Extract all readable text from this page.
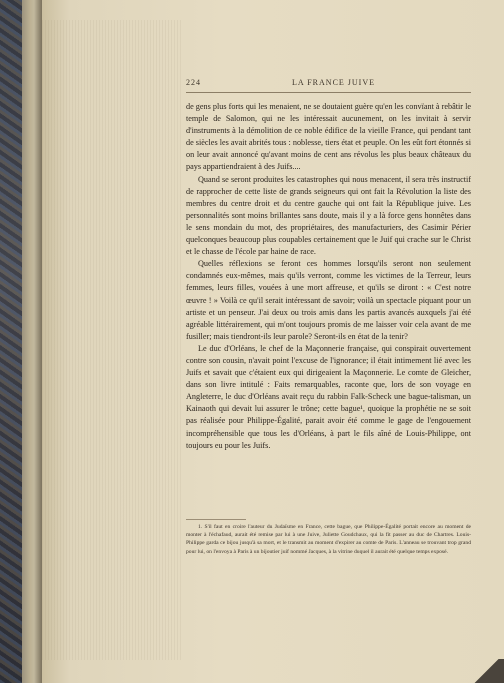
224	LA FRANCE JUIVE

de gens plus forts qui les menaient, ne se doutaient guère qu'en les convïant à rebâtir le temple de Salomon, qui ne les intéressait aucunement, on les invitait à servir d'instruments à la démolition de ce noble édifice de la vieille France, qui pendant tant de siècles les avait abrités tous : noblesse, tiers état et peuple. On les eût fort étonnés si on leur avait annoncé qu'avant moins de cent ans révolus les plus beaux châteaux du pays appartiendraient à des Juifs....

Quand se seront produites les catastrophes qui nous menacent, il sera très instructif de rapprocher de cette liste de grands seigneurs qui ont fait la Révolution la liste des membres du centre droit et du centre gauche qui ont fait la République juive. Les personnalités sont moins brillantes sans doute, mais il y a là force gens honnêtes dans le sens mondain du mot, des propriétaires, des manufacturiers, des Casimir Périer quelconques beaucoup plus coupables certainement que le Juif qui crache sur le Christ et le chasse de l'école par haine de race.

Quelles réflexions se feront ces hommes lorsqu'ils seront non seulement condamnés eux-mêmes, mais qu'ils verront, comme les victimes de la Terreur, leurs femmes, leurs filles, vouées à une mort affreuse, et qu'ils se diront : « C'est notre œuvre ! » Voilà ce qu'il serait intéressant de savoir; voilà un spectacle piquant pour un artiste et un penseur. J'ai deux ou trois amis dans les partis avancés auxquels j'ai été agréable littérairement, qui m'ont toujours promis de me laisser voir cela avant de me fusiller; mais tiendront-ils leur parole? Seront-ils en état de la tenir?

Le duc d'Orléans, le chef de la Maçonnerie française, qui conspirait ouvertement contre son cousin, n'avait point l'excuse de l'ignorance; il était intimement lié avec les Juifs et savait que c'étaient eux qui dirigeaient la Maçonnerie. Le comte de Gleicher, dans son livre intitulé : Faits remarquables, raconte que, lors de son voyage en Angleterre, le duc d'Orléans avait reçu du rabbin Falk-Scheck une bague-talisman, un Kainaoth qui devait lui assurer le trône; cette bague¹, quoique la prophétie ne se soit pas réalisée pour Philippe-Égalité, parait avoir été comme le gage de l'engouement incompréhensible que tous les d'Orléans, à part le fils aîné de Louis-Philippe, ont toujours eu pour les Juifs.

1. S'il faut en croire l'auteur du Judaïsme en France, cette bague, que Philippe-Égalité portait encore au moment de monter à l'échafaud, aurait été remise par lui à une Juive, Juliette Goudchaux, qui la fit passer au duc de Chartres. Louis-Philippe garda ce bijou jusqu'à sa mort, et le transmit au moment d'expirer au comte de Paris. L'anneau se trouvant trop grand pour lui, on l'envoya à Paris à un bijoutier juif nommé Jacques, à la vitrine duquel il aurait été quelque temps exposé.
